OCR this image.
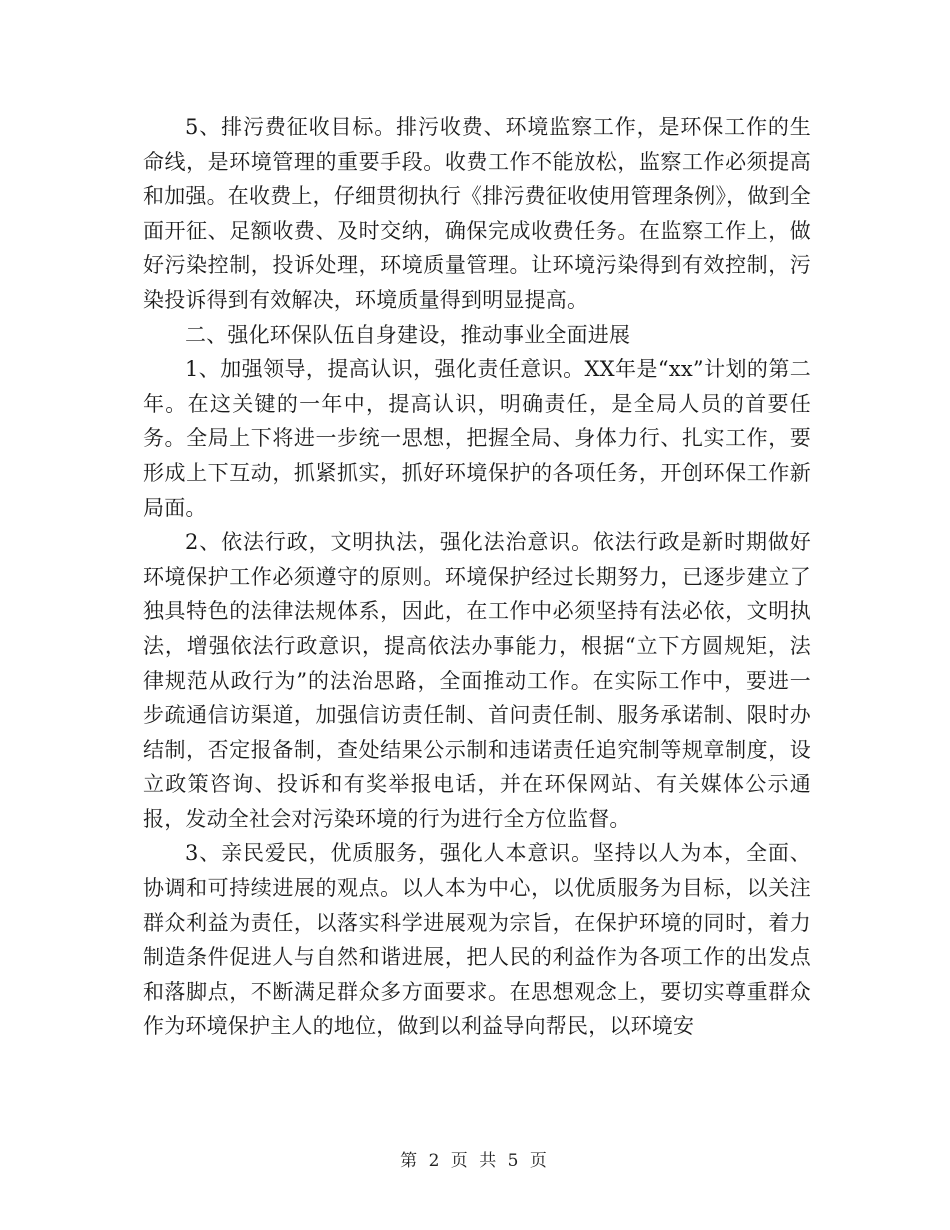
5、排污费征收目标。排污收费、环境监察工作，是环保工作的生命线，是环境管理的重要手段。收费工作不能放松，监察工作必须提高和加强。在收费上，仔细贯彻执行《排污费征收使用管理条例》，做到全面开征、足额收费、及时交纳，确保完成收费任务。在监察工作上，做好污染控制，投诉处理，环境质量管理。让环境污染得到有效控制，污染投诉得到有效解决，环境质量得到明显提高。

二、强化环保队伍自身建设，推动事业全面进展

1、加强领导，提高认识，强化责任意识。XX年是“xx”计划的第二年。在这关键的一年中，提高认识，明确责任，是全局人员的首要任务。全局上下将进一步统一思想，把握全局、身体力行、扎实工作，要形成上下互动，抓紧抓实，抓好环境保护的各项任务，开创环保工作新局面。

2、依法行政，文明执法，强化法治意识。依法行政是新时期做好环境保护工作必须遵守的原则。环境保护经过长期努力，已逐步建立了独具特色的法律法规体系，因此，在工作中必须坚持有法必依，文明执法，增强依法行政意识，提高依法办事能力，根据“立下方圆规矩，法律规范从政行为”的法治思路，全面推动工作。在实际工作中，要进一步疏通信访渠道，加强信访责任制、首问责任制、服务承诺制、限时办结制，否定报备制，查处结果公示制和违诺责任追究制等规章制度，设立政策咨询、投诉和有奖举报电话，并在环保网站、有关媒体公示通报，发动全社会对污染环境的行为进行全方位监督。

3、亲民爱民，优质服务，强化人本意识。坚持以人为本，全面、协调和可持续进展的观点。以人本为中心，以优质服务为目标，以关注群众利益为责任，以落实科学进展观为宗旨，在保护环境的同时，着力制造条件促进人与自然和谐进展，把人民的利益作为各项工作的出发点和落脚点，不断满足群众多方面要求。在思想观念上，要切实尊重群众作为环境保护主人的地位，做到以利益导向帮民，以环境安

第 2 页 共 5 页
